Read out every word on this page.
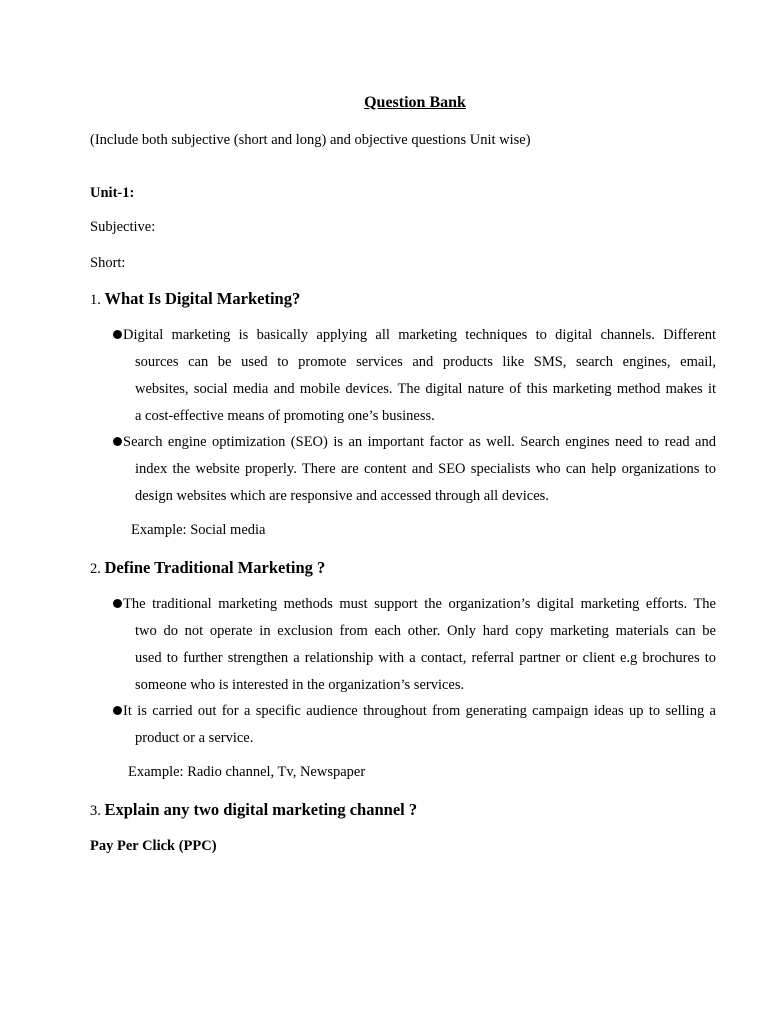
Question Bank
(Include both subjective (short and long) and objective questions Unit wise)
Unit-1:
Subjective:
Short:
1. What Is Digital Marketing?
Digital marketing is basically applying all marketing techniques to digital channels. Different
sources can be used to promote services and products like SMS, search engines, email,
websites, social media and mobile devices. The digital nature of this marketing method makes it
a cost-effective means of promoting one’s business.
Search engine optimization (SEO) is an important factor as well. Search engines need to read and
index the website properly. There are content and SEO specialists who can help organizations to
design websites which are responsive and accessed through all devices.
Example: Social media
2. Define Traditional Marketing ?
The traditional marketing methods must support the organization’s digital marketing efforts. The
two do not operate in exclusion from each other. Only hard copy marketing materials can be
used to further strengthen a relationship with a contact, referral partner or client e.g brochures to
someone who is interested in the organization’s services.
It is carried out for a specific audience throughout from generating campaign ideas up to selling a
product or a service.
Example: Radio channel, Tv, Newspaper
3. Explain any two digital marketing channel ?
Pay Per Click (PPC)
